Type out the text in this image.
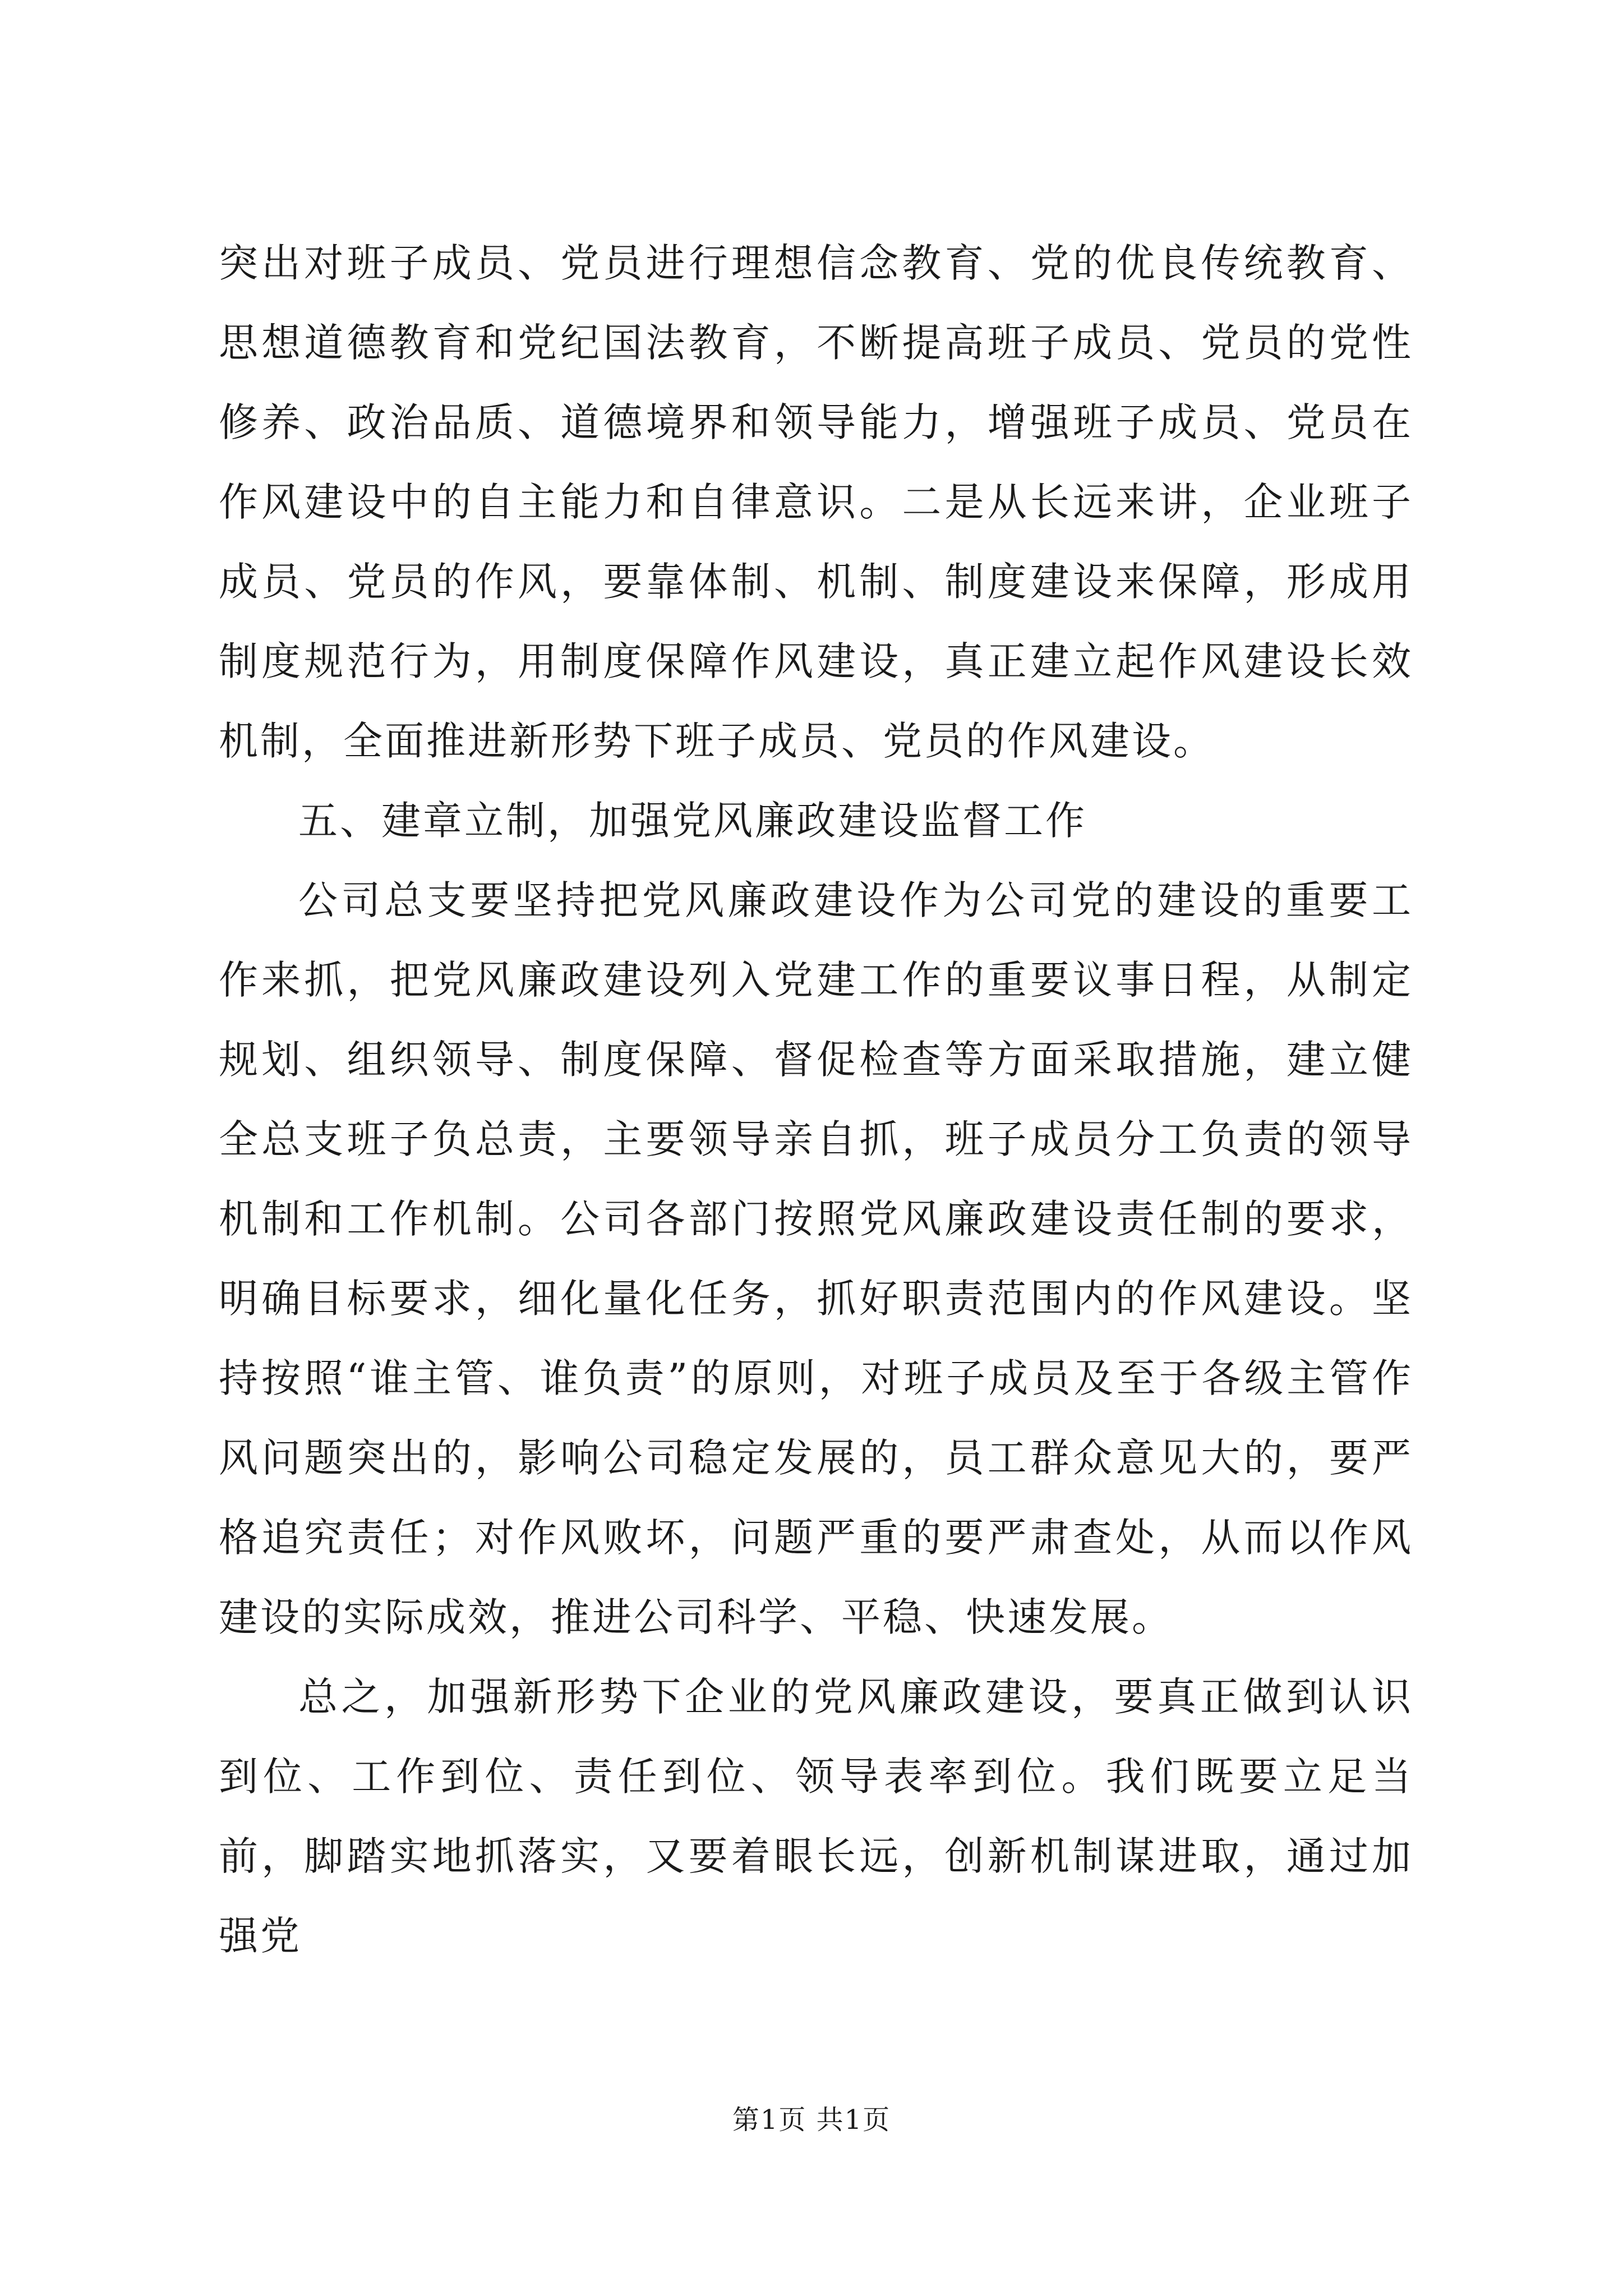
突出对班子成员、党员进行理想信念教育、党的优良传统教育、思想道德教育和党纪国法教育，不断提高班子成员、党员的党性修养、政治品质、道德境界和领导能力，增强班子成员、党员在作风建设中的自主能力和自律意识。二是从长远来讲，企业班子成员、党员的作风，要靠体制、机制、制度建设来保障，形成用制度规范行为，用制度保障作风建设，真正建立起作风建设长效机制，全面推进新形势下班子成员、党员的作风建设。

五、建章立制，加强党风廉政建设监督工作

公司总支要坚持把党风廉政建设作为公司党的建设的重要工作来抓，把党风廉政建设列入党建工作的重要议事日程，从制定规划、组织领导、制度保障、督促检查等方面采取措施，建立健全总支班子负总责，主要领导亲自抓，班子成员分工负责的领导机制和工作机制。公司各部门按照党风廉政建设责任制的要求，明确目标要求，细化量化任务，抓好职责范围内的作风建设。坚持按照“谁主管、谁负责”的原则，对班子成员及至于各级主管作风问题突出的，影响公司稳定发展的，员工群众意见大的，要严格追究责任；对作风败坏，问题严重的要严肃查处，从而以作风建设的实际成效，推进公司科学、平稳、快速发展。

总之，加强新形势下企业的党风廉政建设，要真正做到认识到位、工作到位、责任到位、领导表率到位。我们既要立足当前，脚踏实地抓落实，又要着眼长远，创新机制谋进取，通过加强党

第1页 共1页
